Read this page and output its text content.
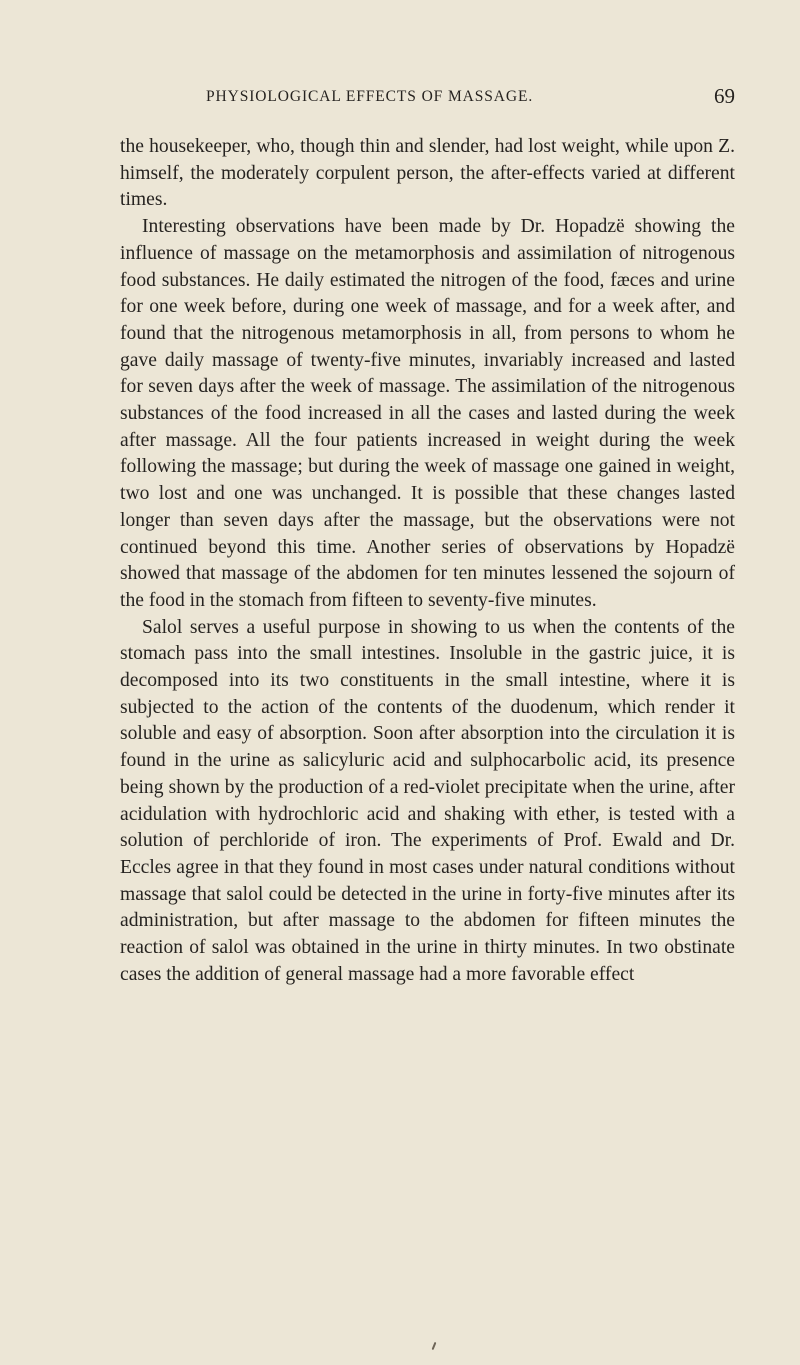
PHYSIOLOGICAL EFFECTS OF MASSAGE.	69

the housekeeper, who, though thin and slender, had lost weight, while upon Z. himself, the moderately corpulent person, the after-effects varied at different times.

Interesting observations have been made by Dr. Hopadzë showing the influence of massage on the metamorphosis and assimilation of nitrogenous food substances. He daily estimated the nitrogen of the food, fæces and urine for one week before, during one week of massage, and for a week after, and found that the nitrogenous metamorphosis in all, from persons to whom he gave daily massage of twenty-five minutes, invariably increased and lasted for seven days after the week of massage. The assimilation of the nitrogenous substances of the food increased in all the cases and lasted during the week after massage. All the four patients increased in weight during the week following the massage; but during the week of massage one gained in weight, two lost and one was unchanged. It is possible that these changes lasted longer than seven days after the massage, but the observations were not continued beyond this time. Another series of observations by Hopadzë showed that massage of the abdomen for ten minutes lessened the sojourn of the food in the stomach from fifteen to seventy-five minutes.

Salol serves a useful purpose in showing to us when the contents of the stomach pass into the small intestines. Insoluble in the gastric juice, it is decomposed into its two constituents in the small intestine, where it is subjected to the action of the contents of the duodenum, which render it soluble and easy of absorption. Soon after absorption into the circulation it is found in the urine as salicyluric acid and sulphocarbolic acid, its presence being shown by the production of a red-violet precipitate when the urine, after acidulation with hydrochloric acid and shaking with ether, is tested with a solution of perchloride of iron. The experiments of Prof. Ewald and Dr. Eccles agree in that they found in most cases under natural conditions without massage that salol could be detected in the urine in forty-five minutes after its administration, but after massage to the abdomen for fifteen minutes the reaction of salol was obtained in the urine in thirty minutes. In two obstinate cases the addition of general massage had a more favorable effect
